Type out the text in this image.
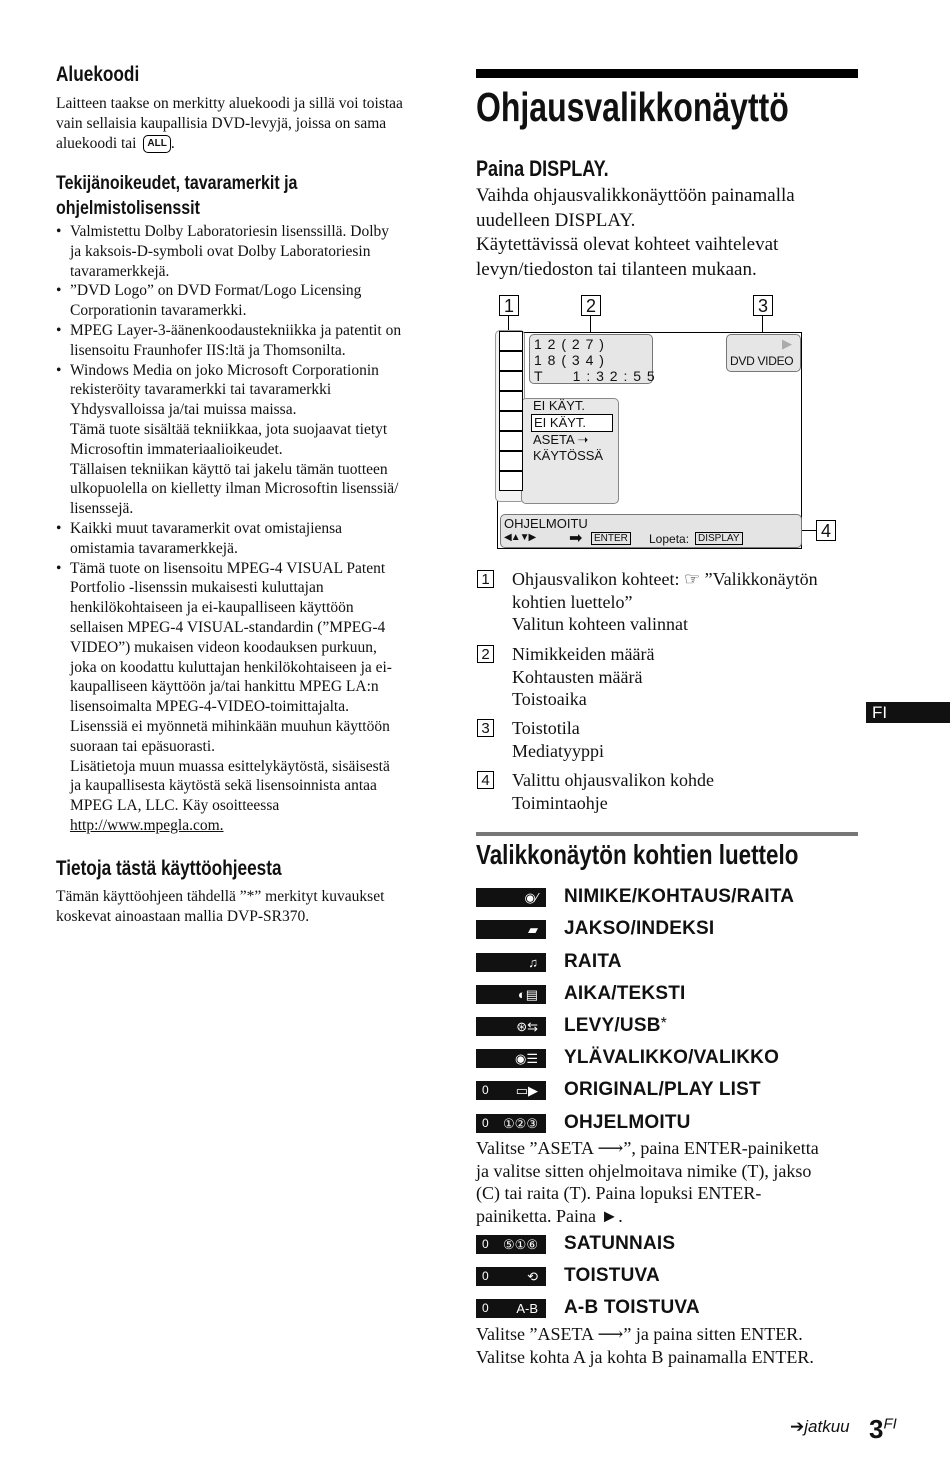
Aluekoodi
Laitteen taakse on merkitty aluekoodi ja sillä voi toistaa
vain sellaisia kaupallisia DVD-levyjä, joissa on sama
aluekoodi tai ALL .
Tekijänoikeudet, tavaramerkit ja
ohjelmistolisenssit
• Valmistettu Dolby Laboratoriesin lisenssillä. Dolby
ja kaksois-D-symboli ovat Dolby Laboratoriesin
tavaramerkkejä.
• ”DVD Logo” on DVD Format/Logo Licensing
Corporationin tavaramerkki.
• MPEG Layer-3-äänenkoodaustekniikka ja patentit on
lisensoitu Fraunhofer IIS:ltä ja Thomsonilta.
• Windows Media on joko Microsoft Corporationin
rekisteröity tavaramerkki tai tavaramerkki
Yhdysvalloissa ja/tai muissa maissa.
Tämä tuote sisältää tekniikkaa, jota suojaavat tietyt
Microsoftin immateriaalioikeudet.
Tällaisen tekniikan käyttö tai jakelu tämän tuotteen
ulkopuolella on kielletty ilman Microsoftin lisenssiä/
lisenssejä.
• Kaikki muut tavaramerkit ovat omistajiensa
omistamia tavaramerkkejä.
• Tämä tuote on lisensoitu MPEG-4 VISUAL Patent
Portfolio -lisenssin mukaisesti kuluttajan
henkilökohtaiseen ja ei-kaupalliseen käyttöön
sellaisen MPEG-4 VISUAL-standardin (”MPEG-4
VIDEO”) mukaisen videon koodauksen purkuun,
joka on koodattu kuluttajan henkilökohtaiseen ja ei-
kaupalliseen käyttöön ja/tai hankittu MPEG LA:n
lisensoimalta MPEG-4-VIDEO-toimittajalta.
Lisenssiä ei myönnetä mihinkään muuhun käyttöön
suoraan tai epäsuorasti.
Lisätietoja muun muassa esittelykäytöstä, sisäisestä
ja kaupallisesta käytöstä sekä lisensoinnista antaa
MPEG LA, LLC. Käy osoitteessa
http://www.mpegla.com.
Tietoja tästä käyttöohjeesta
Tämän käyttöohjeen tähdellä ”*” merkityt kuvaukset
koskevat ainoastaan mallia DVP-SR370.
Ohjausvalikkonäyttö
Paina DISPLAY.
Vaihda ohjausvalikkonäyttöön painamalla
uudelleen DISPLAY.
Käytettävissä olevat kohteet vaihtelevat
levyn/tiedoston tai tilanteen mukaan.
1	2	3
4
1 2 ( 2 7 )
1 8 ( 3 4 )
T      1 : 3 2 : 5 5
▶
DVD VIDEO
EI KÄYT.
EI KÄYT.
ASETA ➝
KÄYTÖSSÄ
OHJELMOITU
◀▲▼▶ ➡	ENTER Lopeta: DISPLAY
1 Ohjausvalikon kohteet: ☞ ”Valikkonäytön
kohtien luettelo”
Valitun kohteen valinnat
2 Nimikkeiden määrä
Kohtausten määrä
Toistoaika
3 Toistotila
Mediatyyppi
4 Valittu ohjausvalikon kohde
Toimintaohje
Valikkonäytön kohtien luettelo
◉⁄ NIMIKE/KOHTAUS/RAITA
▰ JAKSO/INDEKSI
♫ RAITA
◐▤ AIKA/TEKSTI
⊛⇆ LEVY/USB*
◉☰ YLÄVALIKKO/VALIKKO
0 ▭▶ ORIGINAL/PLAY LIST
0 ①②③ OHJELMOITU
Valitse ”ASETA ⟶”, paina ENTER-painiketta
ja valitse sitten ohjelmoitava nimike (T), jakso
(C) tai raita (T). Paina lopuksi ENTER-
painiketta. Paina ►.
0 ⑤①⑥ SATUNNAIS
0	⟲ TOISTUVA
0 A-B A-B TOISTUVA
Valitse ”ASETA ⟶” ja paina sitten ENTER.
Valitse kohta A ja kohta B painamalla ENTER.
FI
➔jatkuu $3^{FI}$
